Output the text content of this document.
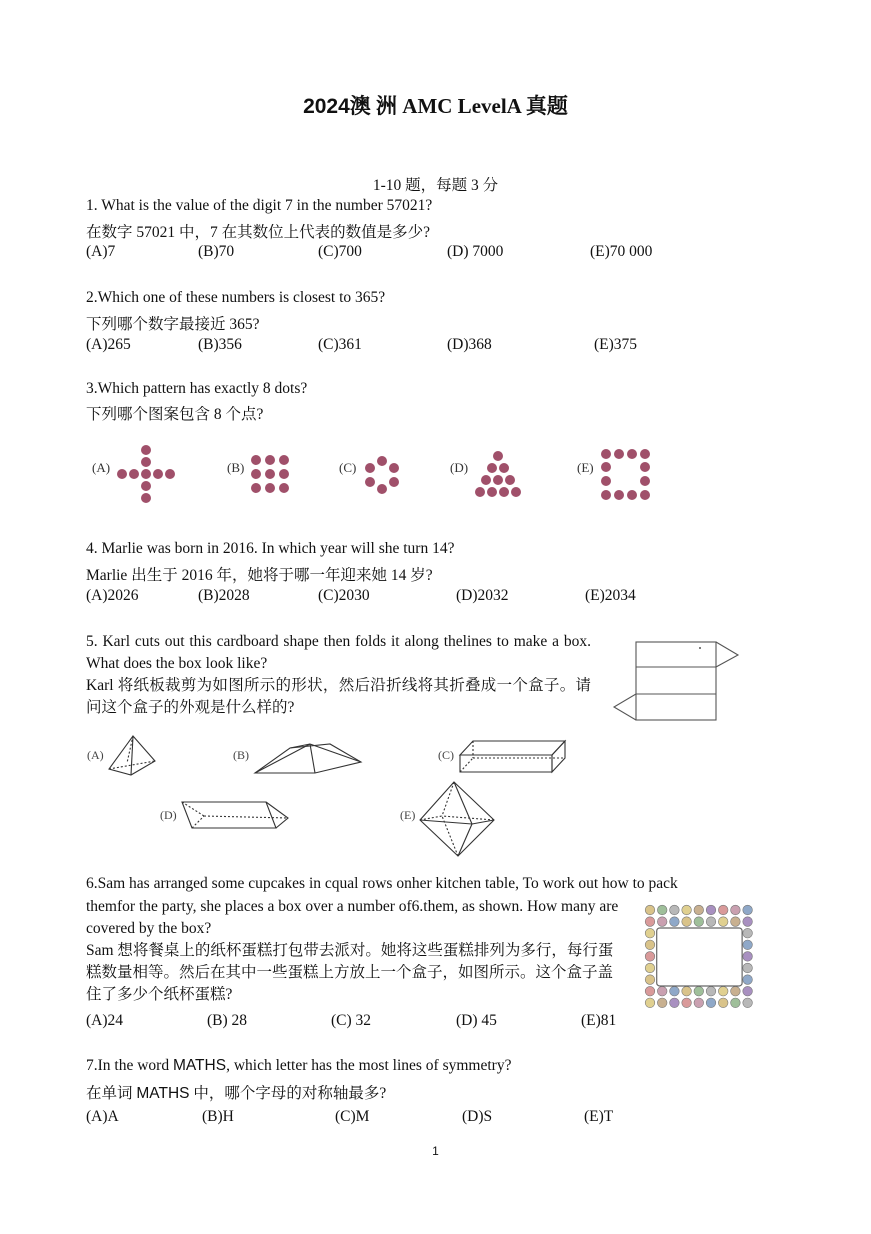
2024澳 洲 AMC LevelA 真题
1-10 题，每题 3 分
1. What is the value of the digit 7 in the number 57021?
在数字 57021 中，7 在其数位上代表的数值是多少?
(A)7	(B)70	(C)700	(D) 7000	(E)70 000
2.Which one of these numbers is closest to 365?
下列哪个数字最接近 365?
(A)265	(B)356	(C)361	(D)368	(E)375
3.Which pattern has exactly 8 dots?
下列哪个图案包含 8 个点?
(A)	(B)	(C)	(D)	(E)
4. Marlie was born in 2016. In which year will she turn 14?
Marlie 出生于 2016 年，她将于哪一年迎来她 14 岁?
(A)2026	(B)2028	(C)2030	(D)2032	(E)2034
5. Karl cuts out this cardboard shape then folds it along thelines to make a box. What does the box look like?
Karl 将纸板裁剪为如图所示的形状，然后沿折线将其折叠成一个盒子。请问这个盒子的外观是什么样的?
(A)	(B)	(C)
(D)	(E)
6.Sam has arranged some cupcakes in cqual rows onher kitchen table, To work out how to pack
themfor the party, she places a box over a number of6.them, as shown. How many are covered by the box?
Sam 想将餐桌上的纸杯蛋糕打包带去派对。她将这些蛋糕排列为多行，每行蛋糕数量相等。然后在其中一些蛋糕上方放上一个盒子，如图所示。这个盒子盖住了多少个纸杯蛋糕?
(A)24	(B) 28	(C) 32	(D) 45	(E)81
7.In the word MATHS, which letter has the most lines of symmetry?
在单词 MATHS 中，哪个字母的对称轴最多?
(A)A	(B)H	(C)M	(D)S	(E)T
1
